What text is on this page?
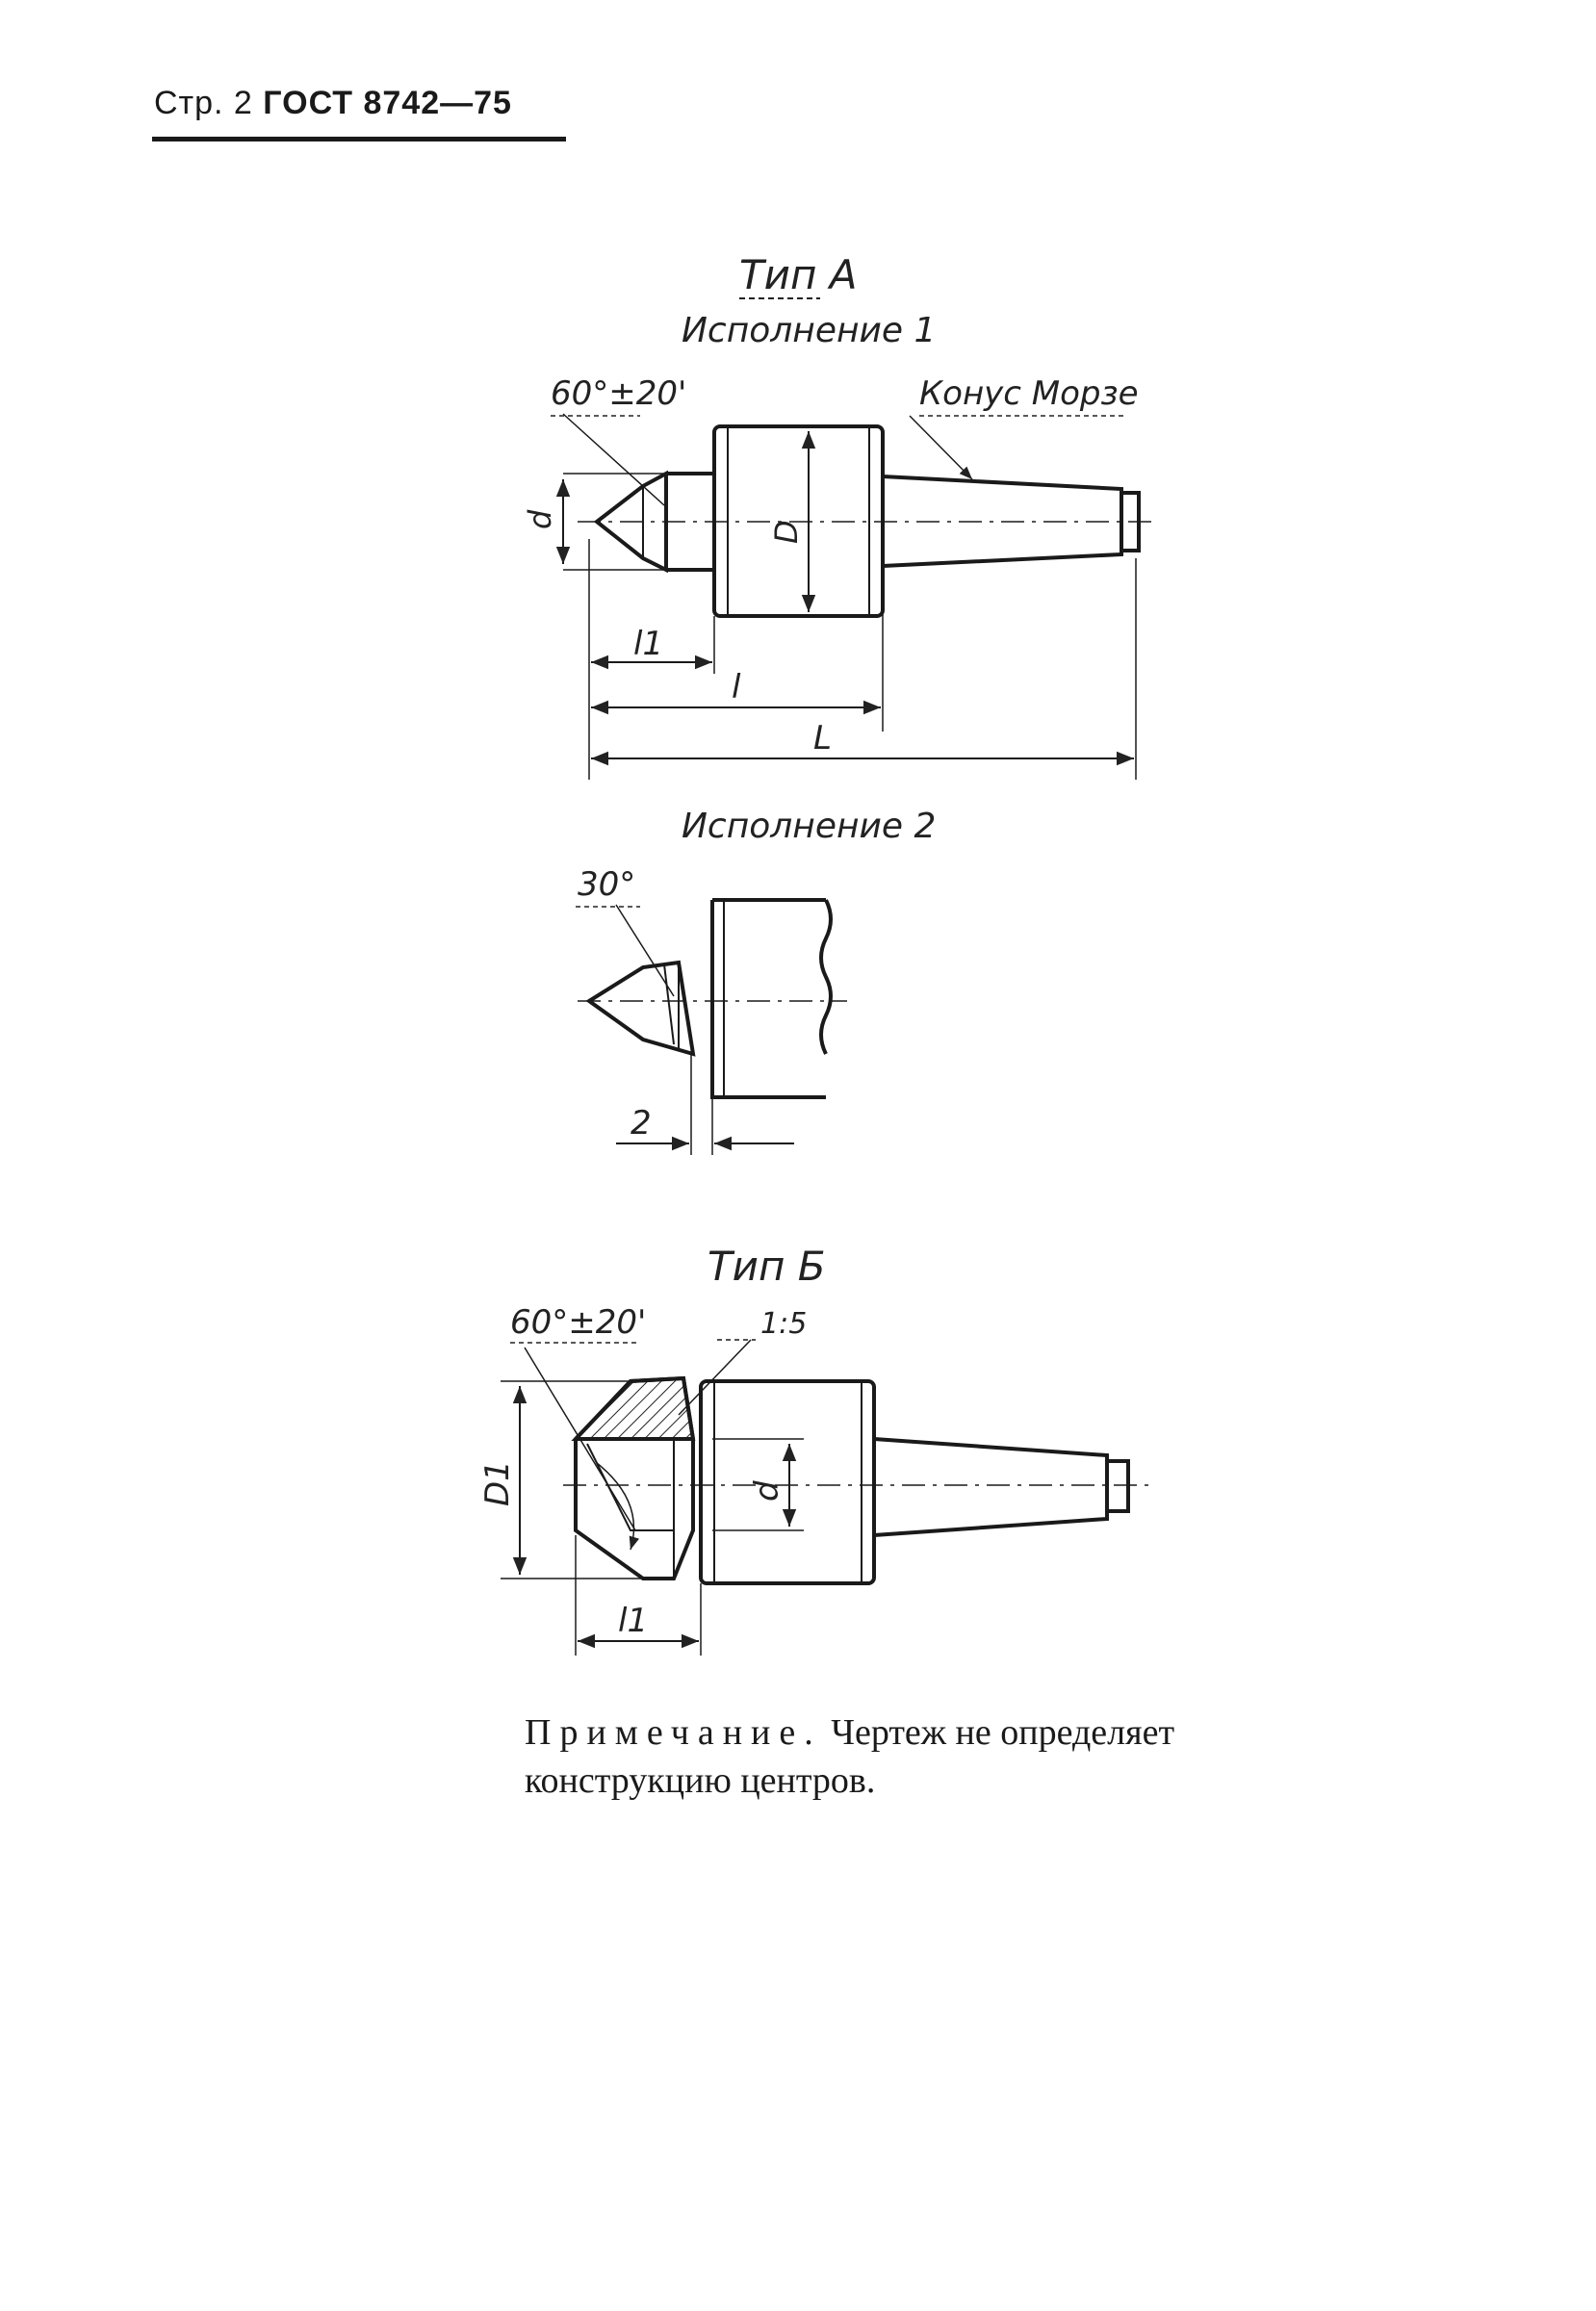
Стр. 2 ГОСТ 8742—75
Тип А
Исполнение 1
60°±20'	Конус Морзе
d
D
l1
l
L
Исполнение 2
30°
2
Тип Б
60°±20'	1:5
D1	d
l1
Примечание. Чертеж не определяет конструкцию центров.
